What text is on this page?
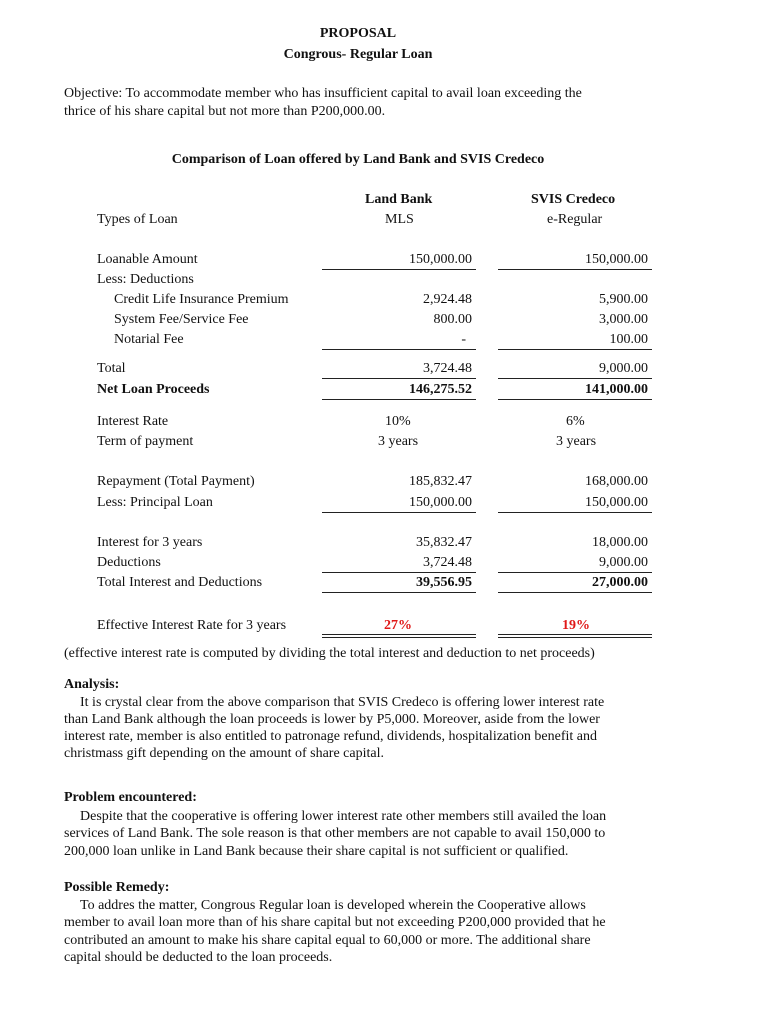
PROPOSAL
Congrous- Regular Loan
Objective: To accommodate member who has insufficient capital to avail loan exceeding the
thrice of his share capital but not more than P200,000.00.
Comparison of Loan offered by Land Bank and SVIS Credeco
Land Bank	SVIS Credeco
Types of Loan	MLS	e-Regular
Loanable Amount	150,000.00	150,000.00
Less: Deductions
Credit Life Insurance Premium	2,924.48	5,900.00
System Fee/Service Fee	800.00	3,000.00
Notarial Fee	-	100.00
Total	3,724.48	9,000.00
Net Loan Proceeds	146,275.52	141,000.00
Interest Rate	10%	6%
Term of payment	3 years	3 years
Repayment (Total Payment)	185,832.47	168,000.00
Less: Principal Loan	150,000.00	150,000.00
Interest for 3 years	35,832.47	18,000.00
Deductions	3,724.48	9,000.00
Total Interest and Deductions	39,556.95	27,000.00
Effective Interest Rate for 3 years	27%	19%
(effective interest rate is computed by dividing the total interest and deduction to net proceeds)
Analysis:
It is crystal clear from the above comparison that SVIS Credeco is offering lower interest rate
than Land Bank although the loan proceeds is lower by P5,000. Moreover, aside from the lower
interest rate, member is also entitled to patronage refund, dividends, hospitalization benefit and
christmass gift depending on the amount of share capital.
Problem encountered:
Despite that the cooperative is offering lower interest rate other members still availed the loan
services of Land Bank. The sole reason is that other members are not capable to avail 150,000 to
200,000 loan unlike in Land Bank because their share capital is not sufficient or qualified.
Possible Remedy:
To addres the matter, Congrous Regular loan is developed wherein the Cooperative allows
member to avail loan more than of his share capital but not exceeding P200,000 provided that he
contributed an amount to make his share capital equal to 60,000 or more. The additional share
capital should be deducted to the loan proceeds.
